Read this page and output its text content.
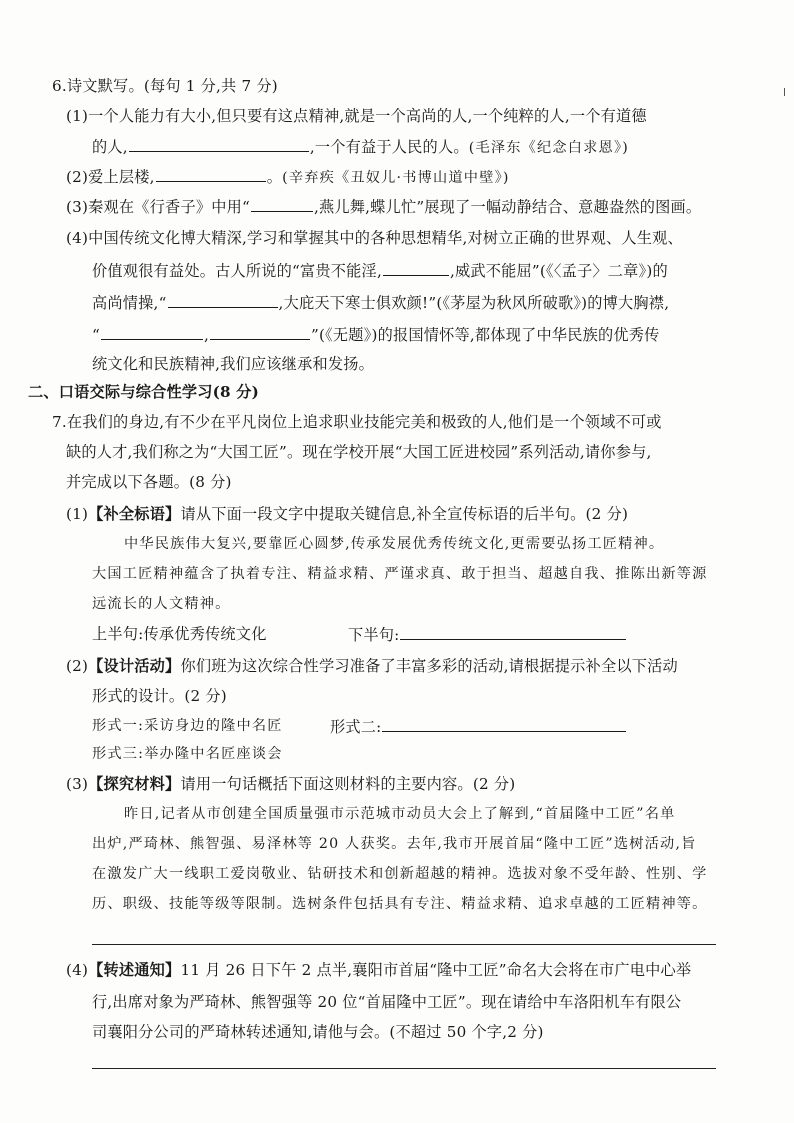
6.诗文默写。(每句 1 分,共 7 分)
(1)一个人能力有大小,但只要有这点精神,就是一个高尚的人,一个纯粹的人,一个有道德
的人,	,一个有益于人民的人。(毛泽东《纪念白求恩》)
(2)爱上层楼,	。(辛弃疾《丑奴儿·书博山道中壁》)
(3)秦观在《行香子》中用“	,燕儿舞,蝶儿忙”展现了一幅动静结合、意趣盎然的图画。
(4)中国传统文化博大精深,学习和掌握其中的各种思想精华,对树立正确的世界观、人生观、
价值观很有益处。古人所说的“富贵不能淫,	,威武不能屈”(《〈孟子〉二章》)的
高尚情操,“	,大庇天下寒士俱欢颜!”(《茅屋为秋风所破歌》)的博大胸襟,
“	,	”(《无题》)的报国情怀等,都体现了中华民族的优秀传
统文化和民族精神,我们应该继承和发扬。
二、口语交际与综合性学习(8 分)
7.在我们的身边,有不少在平凡岗位上追求职业技能完美和极致的人,他们是一个领域不可或
缺的人才,我们称之为“大国工匠”。现在学校开展“大国工匠进校园”系列活动,请你参与,
并完成以下各题。(8 分)
(1)【补全标语】请从下面一段文字中提取关键信息,补全宣传标语的后半句。(2 分)
中华民族伟大复兴,要靠匠心圆梦,传承发展优秀传统文化,更需要弘扬工匠精神。
大国工匠精神蕴含了执着专注、精益求精、严谨求真、敢于担当、超越自我、推陈出新等源
远流长的人文精神。
上半句:传承优秀传统文化	下半句:
(2)【设计活动】你们班为这次综合性学习准备了丰富多彩的活动,请根据提示补全以下活动
形式的设计。(2 分)
形式一:采访身边的隆中名匠	形式二:
形式三:举办隆中名匠座谈会
(3)【探究材料】请用一句话概括下面这则材料的主要内容。(2 分)
昨日,记者从市创建全国质量强市示范城市动员大会上了解到,“首届隆中工匠”名单
出炉,严琦林、熊智强、易泽林等 20 人获奖。去年,我市开展首届“隆中工匠”选树活动,旨
在激发广大一线职工爱岗敬业、钻研技术和创新超越的精神。选拔对象不受年龄、性别、学
历、职级、技能等级等限制。选树条件包括具有专注、精益求精、追求卓越的工匠精神等。
(4)【转述通知】11 月 26 日下午 2 点半,襄阳市首届“隆中工匠”命名大会将在市广电中心举
行,出席对象为严琦林、熊智强等 20 位“首届隆中工匠”。现在请给中车洛阳机车有限公
司襄阳分公司的严琦林转述通知,请他与会。(不超过 50 个字,2 分)
